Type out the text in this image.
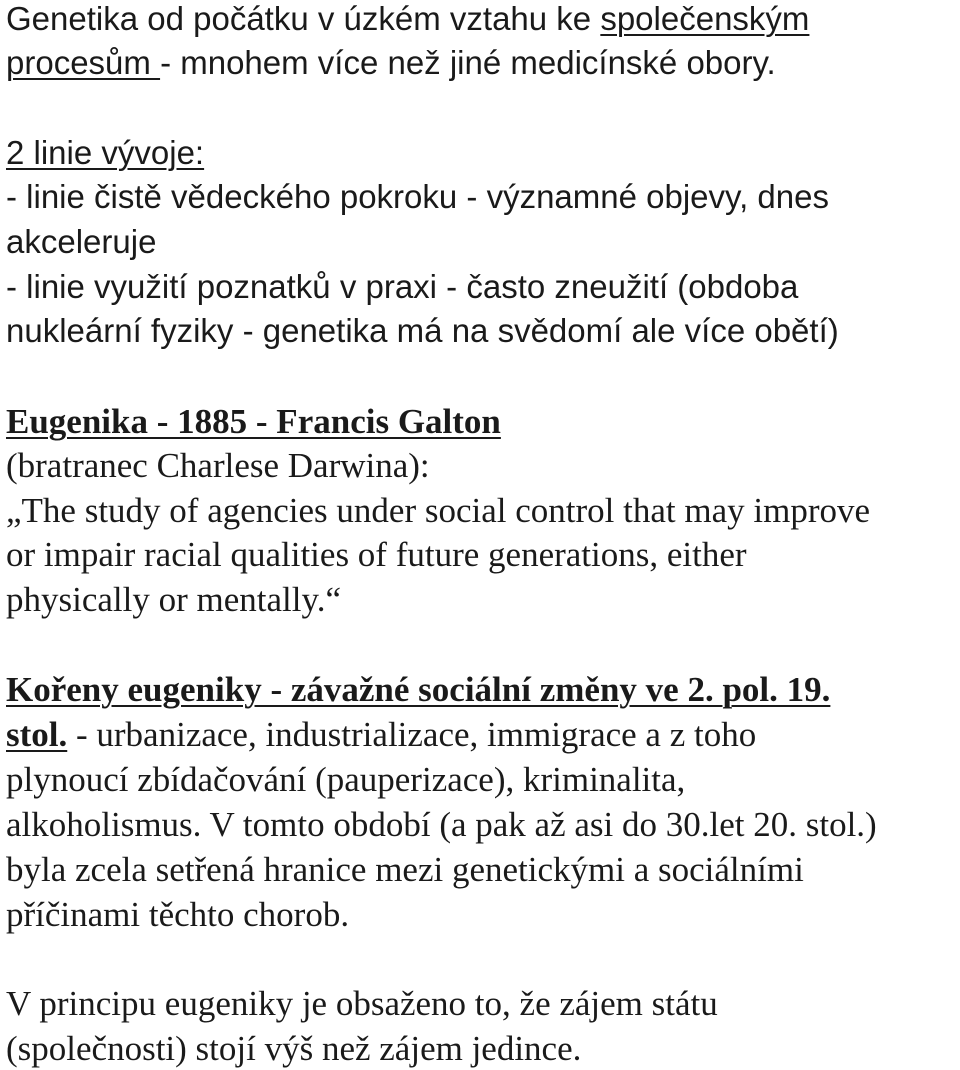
Genetika od počátku v úzkém vztahu ke společenským
procesům - mnohem více než jiné medicínské obory.
2 linie vývoje:
- linie čistě vědeckého pokroku - významné objevy, dnes
akceleruje
- linie využití poznatků v praxi - často zneužití (obdoba
nukleární fyziky - genetika má na svědomí ale více obětí)
Eugenika - 1885 - Francis Galton
(bratranec Charlese Darwina):
„The study of agencies under social control that may improve
or impair racial qualities of future generations, either
physically or mentally.“
Kořeny eugeniky - závažné sociální změny ve 2. pol. 19.
stol. - urbanizace, industrializace, immigrace a z toho
plynoucí zbídačování (pauperizace), kriminalita,
alkoholismus. V tomto období (a pak až asi do 30.let 20. stol.)
byla zcela setřená hranice mezi genetickými a sociálními
příčinami těchto chorob.
V principu eugeniky je obsaženo to, že zájem státu
(společnosti) stojí výš než zájem jedince.
